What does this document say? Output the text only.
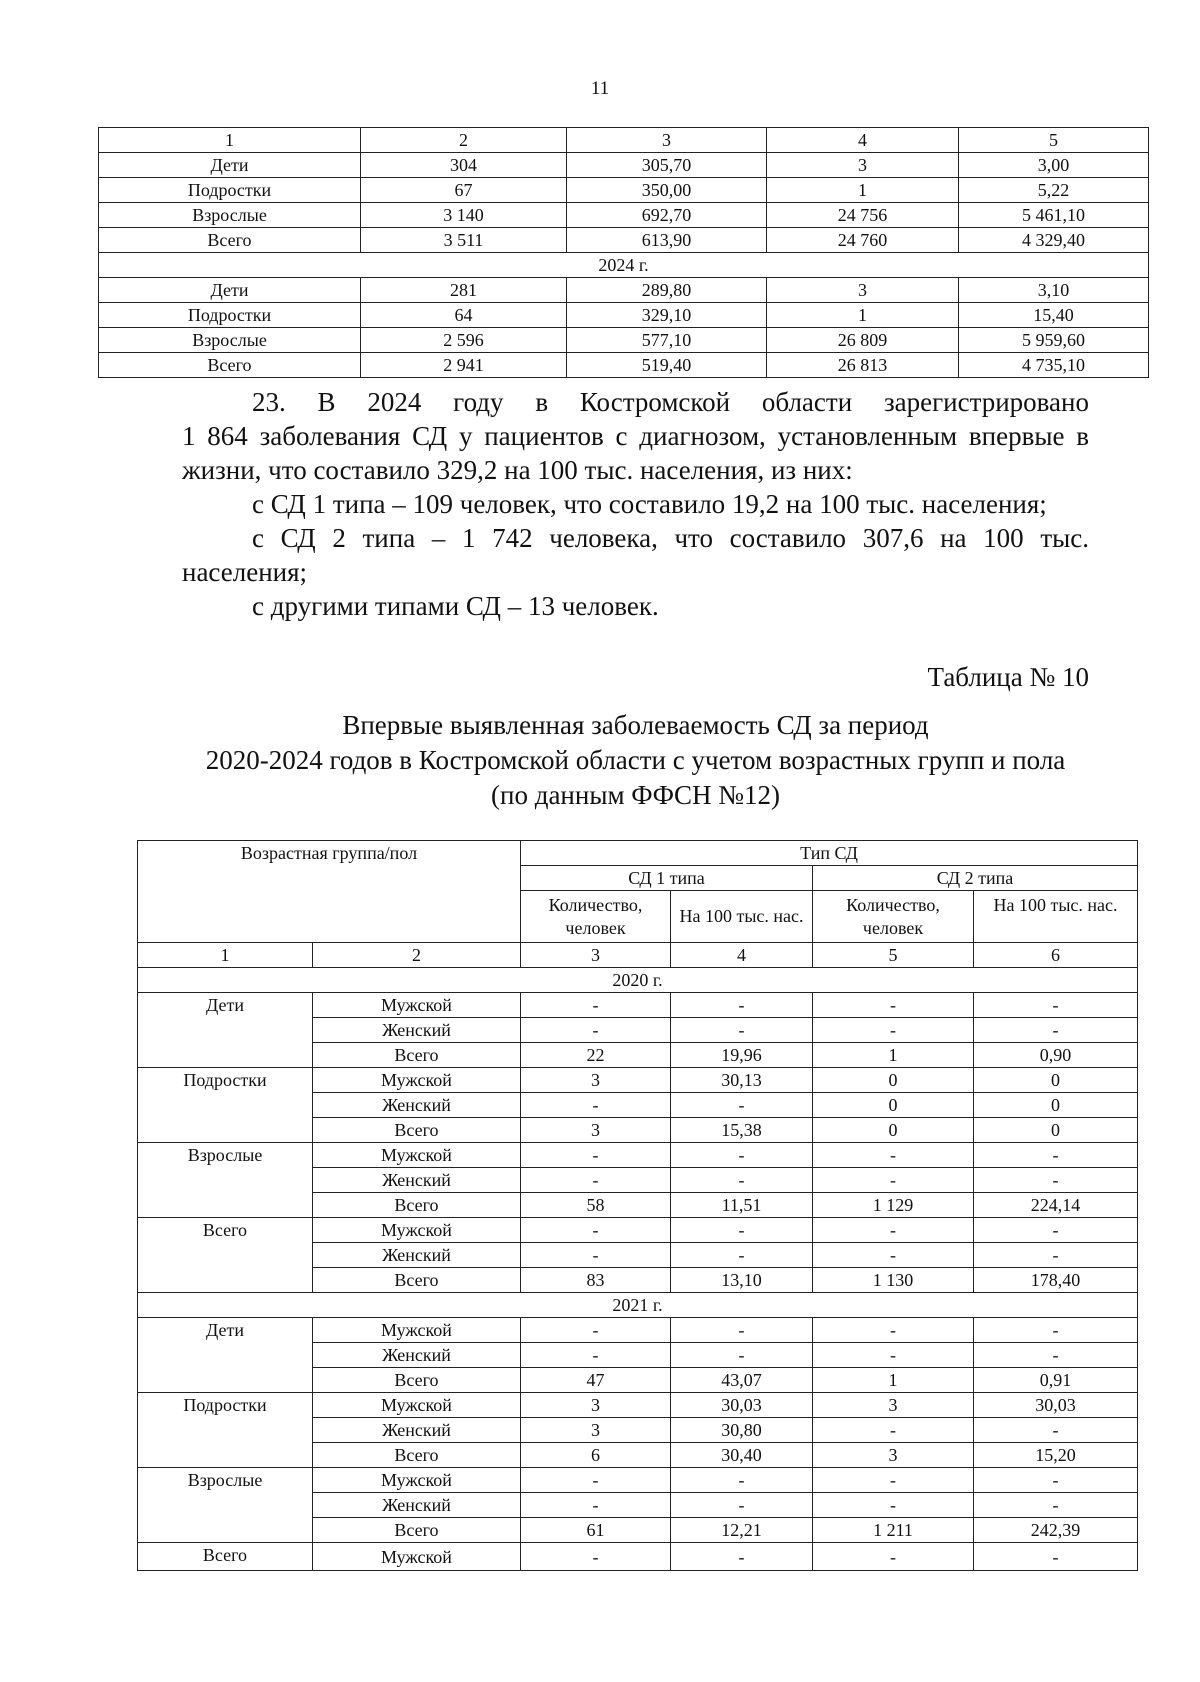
11
1	2	3	4	5
Дети	304	305,70	3	3,00
Подростки	67	350,00	1	5,22
Взрослые	3 140	692,70	24 756	5 461,10
Всего	3 511	613,90	24 760	4 329,40
2024 г.				
Дети	281	289,80	3	3,10
Подростки	64	329,10	1	15,40
Взрослые	2 596	577,10	26 809	5 959,60
Всего	2 941	519,40	26 813	4 735,10

23. В 2024 году в Костромской области зарегистрировано

1 864 заболевания СД у пациентов с диагнозом, установленным впервые в

жизни, что составило 329,2 на 100 тыс. населения, из них:

с СД 1 типа – 109 человек, что составило 19,2 на 100 тыс. населения;

с СД 2 типа – 1 742 человека, что составило 307,6 на 100 тыс.

населения;

с другими типами СД – 13 человек.

Таблица № 10
Впервые выявленная заболеваемость СД за период
2020-2024 годов в Костромской области с учетом возрастных групп и пола
(по данным ФФСН №12)
Возрастная группа/пол		Тип СД			
		СД 1 типа		СД 2 типа	
		Количество, человек	На 100 тыс. нас.	Количество, человек	На 100 тыс. нас.
1	2	3	4	5	6
2020 г.					
Дети	Мужской	-	-	-	-
	Женский	-	-	-	-
	Всего	22	19,96	1	0,90
Подростки	Мужской	3	30,13	0	0
	Женский	-	-	0	0
	Всего	3	15,38	0	0
Взрослые	Мужской	-	-	-	-
	Женский	-	-	-	-
	Всего	58	11,51	1 129	224,14
Всего	Мужской	-	-	-	-
	Женский	-	-	-	-
	Всего	83	13,10	1 130	178,40
2021 г.					
Дети	Мужской	-	-	-	-
	Женский	-	-	-	-
	Всего	47	43,07	1	0,91
Подростки	Мужской	3	30,03	3	30,03
	Женский	3	30,80	-	-
	Всего	6	30,40	3	15,20
Взрослые	Мужской	-	-	-	-
	Женский	-	-	-	-
	Всего	61	12,21	1 211	242,39
Всего	Мужской	-	-	-	-
